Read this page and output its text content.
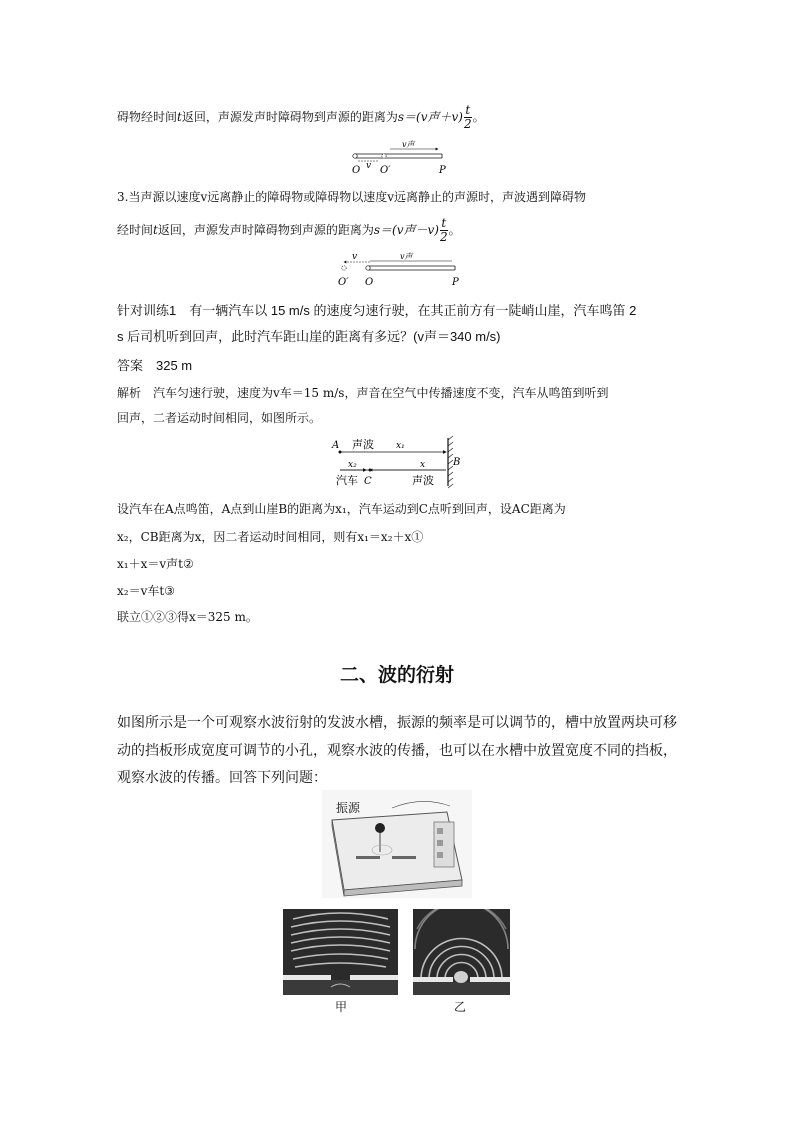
碍物经时间t返回，声源发声时障碍物到声源的距离为s＝(v声$+v) \frac{t}{2}$ 。
O v O′	P
v声
3.当声源以速度v远离静止的障碍物或障碍物以速度v远离静止的声源时，声波遇到障碍物
经时间t返回，声源发声时障碍物到声源的距离为s＝(v声$-v) \frac{t}{2}$ 。
O′ O
v
P
v声
针对训练1　有一辆汽车以 15 m/s 的速度匀速行驶，在其正前方有一陡峭山崖，汽车鸣笛 2
s 后司机听到回声，此时汽车距山崖的距离有多远？(v声＝340 m/s)
答案　325 m
解析　汽车匀速行驶，速度为v车＝15 m/s，声音在空气中传播速度不变，汽车从鸣笛到听到
回声，二者运动时间相同，如图所示。
A 声波 x₁
B
x₂	x
汽车 C	声波
设汽车在A点鸣笛，A点到山崖B的距离为x₁，汽车运动到C点听到回声，设AC距离为
x₂，CB距离为x，因二者运动时间相同，则有x₁＝x₂＋x①
x₁＋x＝v声t②
x₂＝v车t③
联立①②③得x＝325 m。
二、波的衍射
如图所示是一个可观察水波衍射的发波水槽，振源的频率是可以调节的，槽中放置两块可移
动的挡板形成宽度可调节的小孔，观察水波的传播，也可以在水槽中放置宽度不同的挡板，
观察水波的传播。回答下列问题：
振源
甲	乙
